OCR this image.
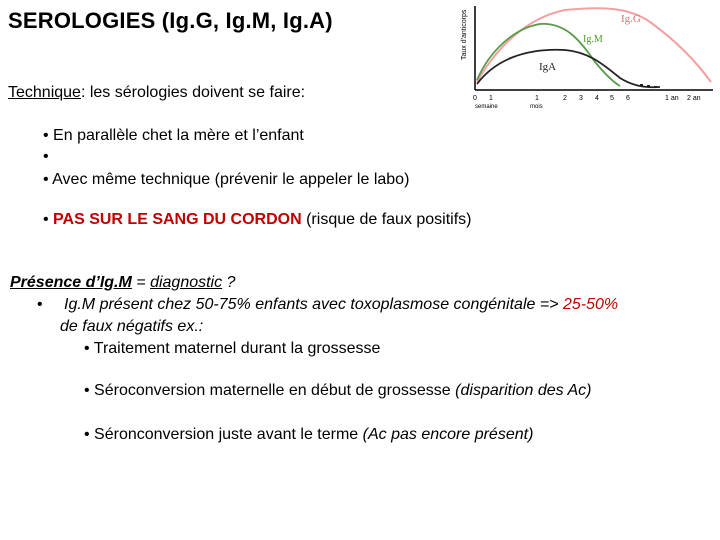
SEROLOGIES (Ig.G, Ig.M, Ig.A)
Technique: les sérologies doivent se faire:
• En parallèle chet la mère et l’enfant
•
• Avec même technique (prévenir le appeler le labo)
• PAS SUR LE SANG DU CORDON (risque de faux positifs)
Présence d’Ig.M = diagnostic ?
• Ig.M présent chez 50-75% enfants avec toxoplasmose congénitale => 25-50%
de faux négatifs ex.:
• Traitement maternel durant la grossesse
• Séroconversion maternelle en début de grossesse (disparition des Ac)
• Séronconversion juste avant le terme (Ac pas encore présent)
Taux d'anticorps	Ig.G
Ig.M
IgA
0 1	1	2 3 4 5 6	1 an 2 an
semaine	mois
